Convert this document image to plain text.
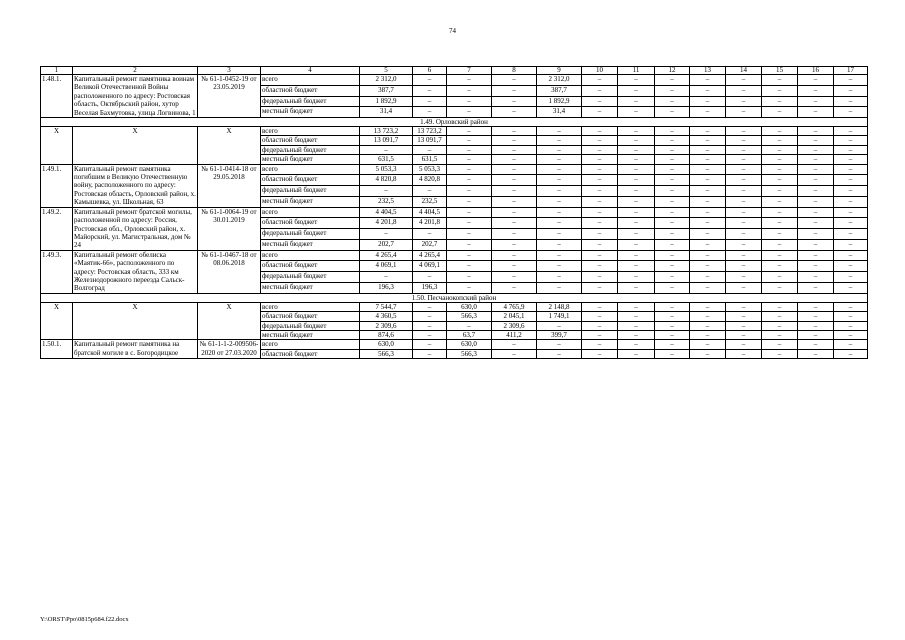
74
1	2	3	4	5	6	7	8	9	10	11	12	13	14	15	16	17
1.48.1.	Капитальный ремонт памятника воинам Великой Отечественной Войны расположенного по адресу: Ростовская область, Октябрьский район, хутор Веселая Бахмутовка, улица Логвинова, 1	№ 61-1-0452-19 от 23.05.2019	всего	2 312,0	–	–	–	2 312,0	–	–	–	–	–	–	–	–
			областной бюджет	387,7	–	–	–	387,7	–	–	–	–	–	–	–	–
			федеральный бюджет	1 892,9	–	–	–	1 892,9	–	–	–	–	–	–	–	–
			местный бюджет	31,4	–	–	–	31,4	–	–	–	–	–	–	–	–
1.49. Орловский район																
X	X	X	всего	13 723,2	13 723,2	–	–	–	–	–	–	–	–	–	–	–
			областной бюджет	13 091,7	13 091,7	–	–	–	–	–	–	–	–	–	–	–
			федеральный бюджет	–	–	–	–	–	–	–	–	–	–	–	–	–
			местный бюджет	631,5	631,5	–	–	–	–	–	–	–	–	–	–	–
1.49.1.	Капитальный ремонт памятника погибшим в Великую Отечественную войну, расположенного по адресу: Ростовская область, Орловский район, х. Камышевка, ул. Школьная, 63	№ 61-1-0414-18 от 29.05.2018	всего	5 053,3	5 053,3	–	–	–	–	–	–	–	–	–	–	–
			областной бюджет	4 820,8	4 820,8	–	–	–	–	–	–	–	–	–	–	–
			федеральный бюджет	–	–	–	–	–	–	–	–	–	–	–	–	–
			местный бюджет	232,5	232,5	–	–	–	–	–	–	–	–	–	–	–
1.49.2.	Капитальный ремонт братской могилы, расположенной по адресу: Россия, Ростовская обл., Орловский район, х. Майорский, ул. Магистральная, дом № 24	№ 61-1-0064-19 от 30.01.2019	всего	4 404,5	4 404,5	–	–	–	–	–	–	–	–	–	–	–
			областной бюджет	4 201,8	4 201,8	–	–	–	–	–	–	–	–	–	–	–
			федеральный бюджет	–	–	–	–	–	–	–	–	–	–	–	–	–
			местный бюджет	202,7	202,7	–	–	–	–	–	–	–	–	–	–	–
1.49.3.	Капитальный ремонт обелиска «Маятик-66», расположенного по адресу: Ростовская область, 333 км Железнодорожного переезда Сальск-Волгоград	№ 61-1-0467-18 от 08.06.2018	всего	4 265,4	4 265,4	–	–	–	–	–	–	–	–	–	–	–
			областной бюджет	4 069,1	4 069,1	–	–	–	–	–	–	–	–	–	–	–
			федеральный бюджет	–	–	–	–	–	–	–	–	–	–	–	–	–
			местный бюджет	196,3	196,3	–	–	–	–	–	–	–	–	–	–	–
1.50. Песчанокопский район																
X	X	X	всего	7 544,7	–	630,0	4 765,9	2 148,8	–	–	–	–	–	–	–	–
			областной бюджет	4 360,5	–	566,3	2 045,1	1 749,1	–	–	–	–	–	–	–	–
			федеральный бюджет	2 309,6	–	–	2 309,6	–	–	–	–	–	–	–	–	–
			местный бюджет	874,6	–	63,7	411,2	399,7	–	–	–	–	–	–	–	–
1.50.1.	Капитальный ремонт памятника на братской могиле в с. Богородицкое	№ 61-1-1-2-009506-2020 от 27.03.2020	всего	630,0	–	630,0	–	–	–	–	–	–	–	–	–	–
			областной бюджет	566,3	–	566,3	–	–	–	–	–	–	–	–	–	–
Y:\ORST\Ppo\0815p684.f22.docx
